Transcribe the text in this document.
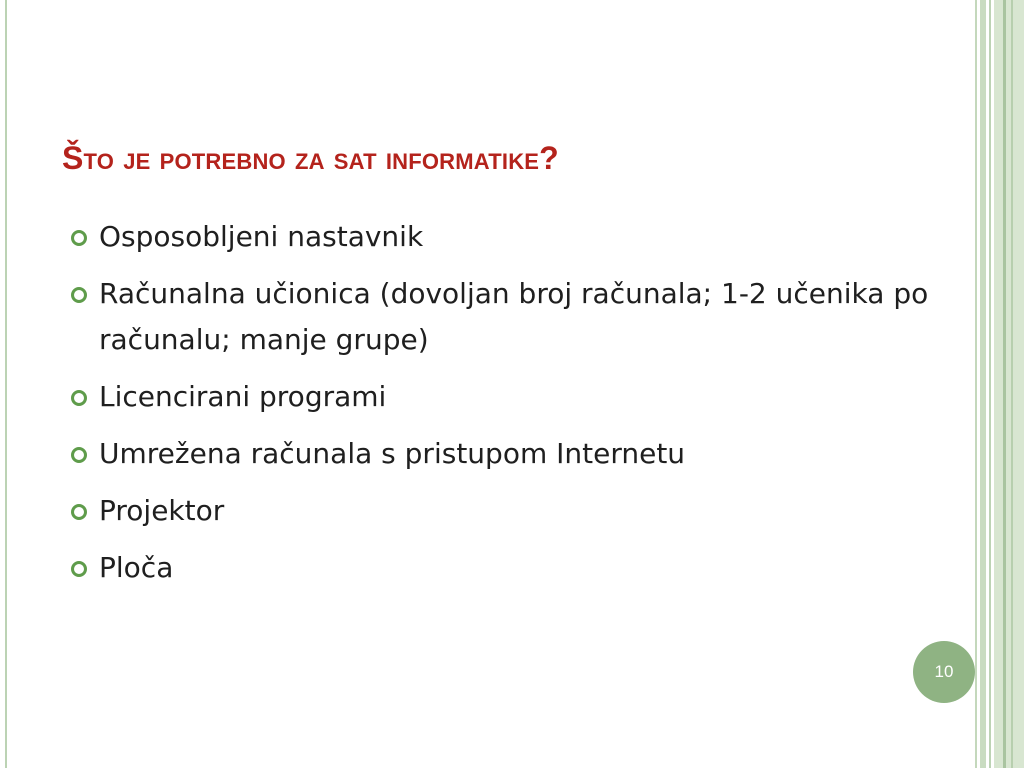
Što je potrebno za sat informatike?
Osposobljeni nastavnik
Računalna učionica (dovoljan broj računala; 1-2 učenika po računalu; manje grupe)
Licencirani programi
Umrežena računala s pristupom Internetu
Projektor
Ploča
10
